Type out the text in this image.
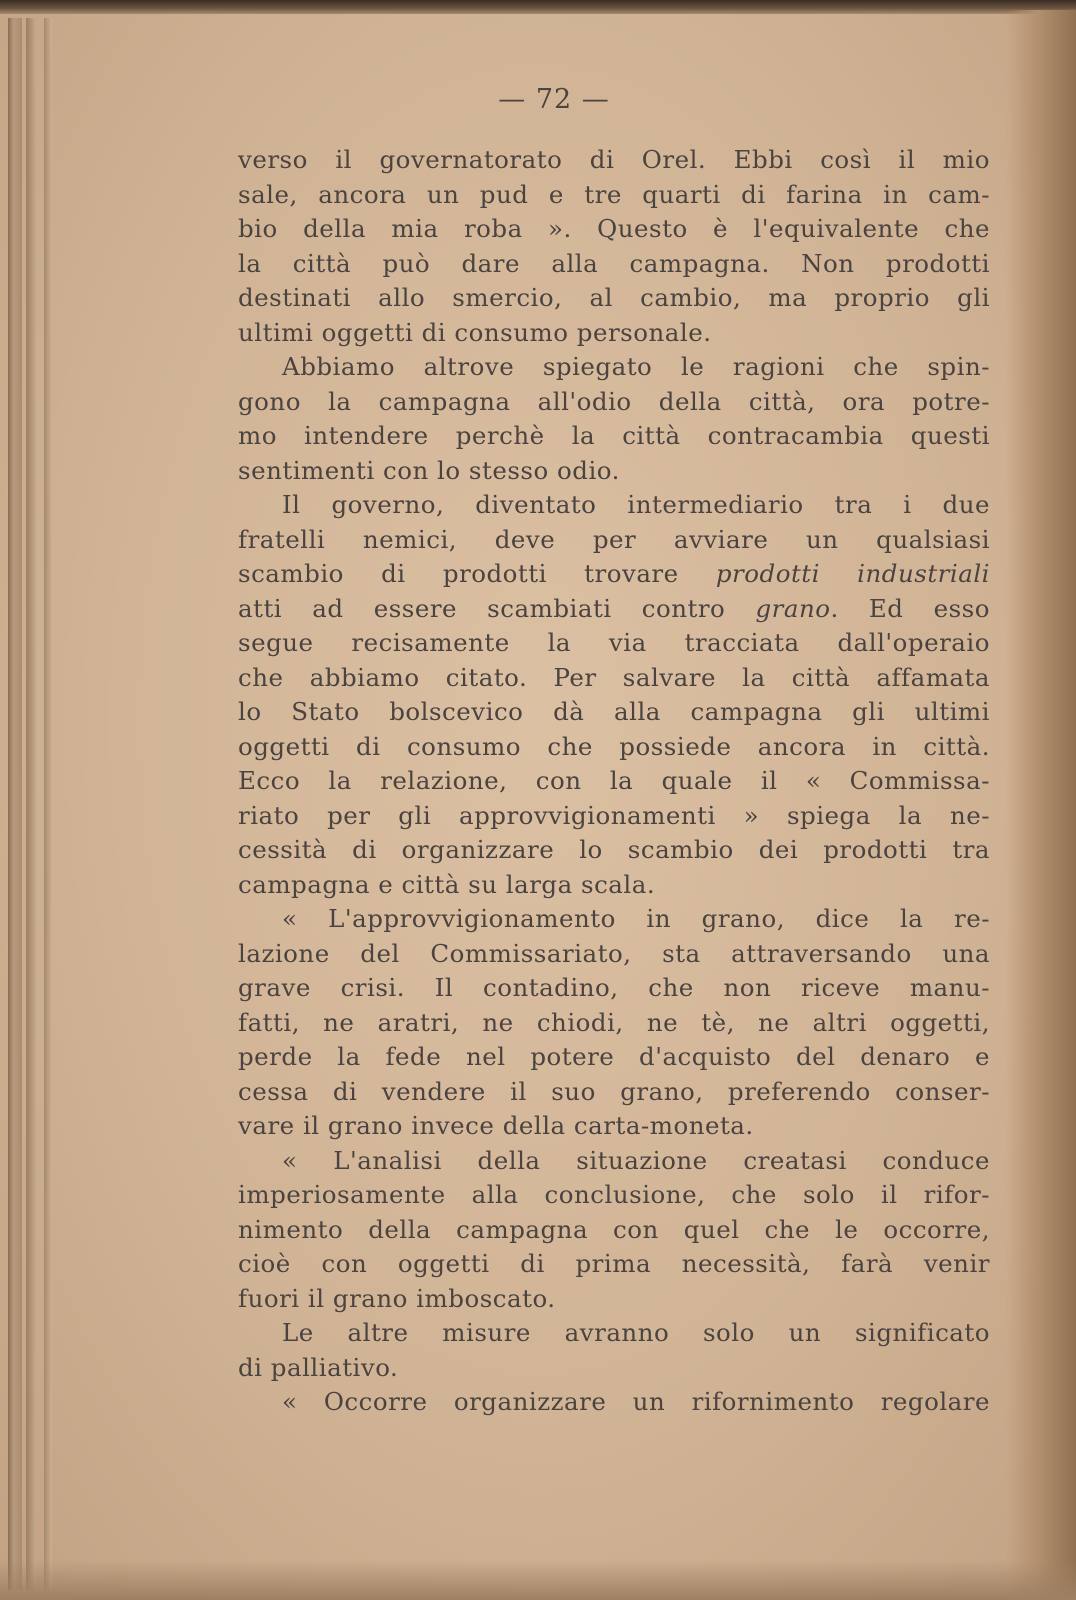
— 72 —
verso il governatorato di Orel. Ebbi così il mio
sale, ancora un pud e tre quarti di farina in cam-
bio della mia roba ». Questo è l'equivalente che
la città può dare alla campagna. Non prodotti
destinati allo smercio, al cambio, ma proprio gli
ultimi oggetti di consumo personale.
Abbiamo altrove spiegato le ragioni che spin-
gono la campagna all'odio della città, ora potre-
mo intendere perchè la città contracambia questi
sentimenti con lo stesso odio.
Il governo, diventato intermediario tra i due
fratelli nemici, deve per avviare un qualsiasi
scambio di prodotti trovare prodotti industriali
atti ad essere scambiati contro grano. Ed esso
segue recisamente la via tracciata dall'operaio
che abbiamo citato. Per salvare la città affamata
lo Stato bolscevico dà alla campagna gli ultimi
oggetti di consumo che possiede ancora in città.
Ecco la relazione, con la quale il « Commissa-
riato per gli approvvigionamenti » spiega la ne-
cessità di organizzare lo scambio dei prodotti tra
campagna e città su larga scala.
« L'approvvigionamento in grano, dice la re-
lazione del Commissariato, sta attraversando una
grave crisi. Il contadino, che non riceve manu-
fatti, ne aratri, ne chiodi, ne tè, ne altri oggetti,
perde la fede nel potere d'acquisto del denaro e
cessa di vendere il suo grano, preferendo conser-
vare il grano invece della carta-moneta.
« L'analisi della situazione creatasi conduce
imperiosamente alla conclusione, che solo il rifor-
nimento della campagna con quel che le occorre,
cioè con oggetti di prima necessità, farà venir
fuori il grano imboscato.
Le altre misure avranno solo un significato
di palliativo.
« Occorre organizzare un rifornimento regolare
